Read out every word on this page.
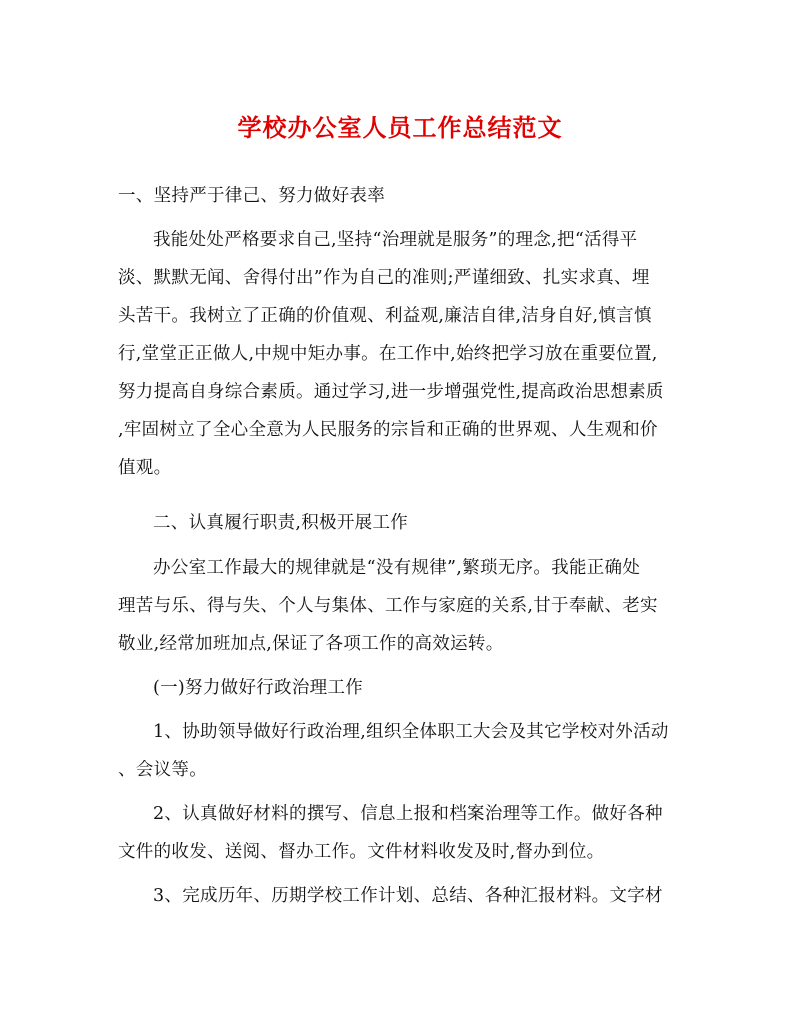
学校办公室人员工作总结范文
一、坚持严于律己、努力做好表率
我能处处严格要求自己,坚持“治理就是服务”的理念,把“活得平
淡、默默无闻、舍得付出”作为自己的准则;严谨细致、扎实求真、埋
头苦干。我树立了正确的价值观、利益观,廉洁自律,洁身自好,慎言慎
行,堂堂正正做人,中规中矩办事。在工作中,始终把学习放在重要位置,
努力提高自身综合素质。通过学习,进一步增强党性,提高政治思想素质
,牢固树立了全心全意为人民服务的宗旨和正确的世界观、人生观和价
值观。
二、认真履行职责,积极开展工作
办公室工作最大的规律就是“没有规律”,繁琐无序。我能正确处
理苦与乐、得与失、个人与集体、工作与家庭的关系,甘于奉献、老实
敬业,经常加班加点,保证了各项工作的高效运转。
(一)努力做好行政治理工作
1、协助领导做好行政治理,组织全体职工大会及其它学校对外活动
、会议等。
2、认真做好材料的撰写、信息上报和档案治理等工作。做好各种
文件的收发、送阅、督办工作。文件材料收发及时,督办到位。
3、完成历年、历期学校工作计划、总结、各种汇报材料。文字材
